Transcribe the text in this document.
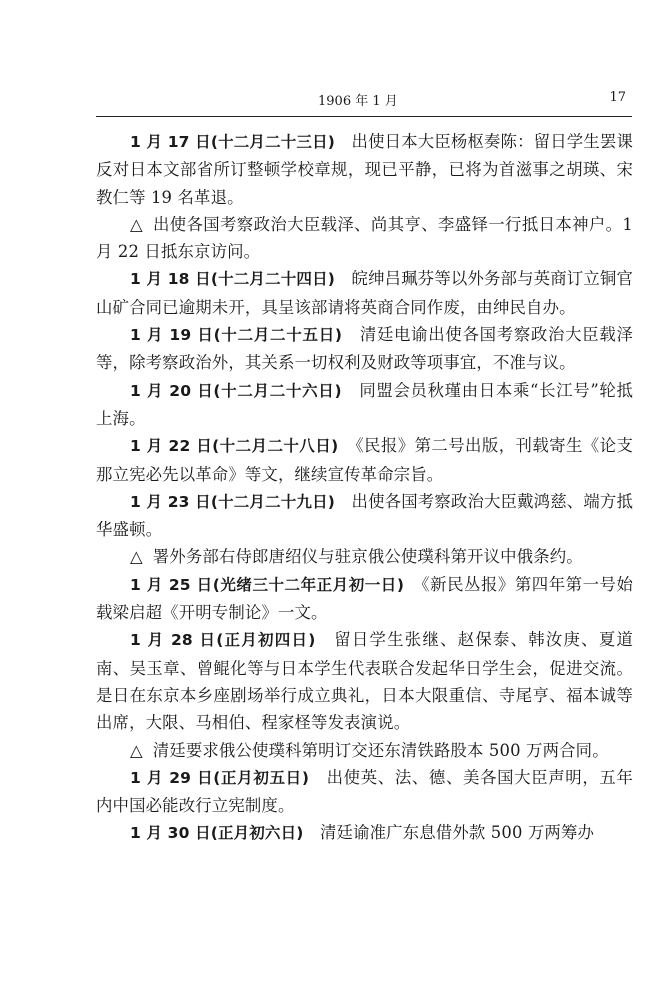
1906 年 1 月	17

1 月 17 日(十二月二十三日)　 出使日本大臣杨枢奏陈：留日学生罢课反对日本文部省所订整顿学校章规，现已平静，已将为首滋事之胡瑛、宋教仁等 19 名革退。

△ 出使各国考察政治大臣载泽、尚其亨、李盛铎一行抵日本神户。1 月 22 日抵东京访问。

1 月 18 日(十二月二十四日)　 皖绅吕珮芬等以外务部与英商订立铜官山矿合同已逾期未开，具呈该部请将英商合同作废，由绅民自办。

1 月 19 日(十二月二十五日)　 清廷电谕出使各国考察政治大臣载泽等，除考察政治外，其关系一切权利及财政等项事宜，不准与议。

1 月 20 日(十二月二十六日)　 同盟会员秋瑾由日本乘“长江号”轮抵上海。

1 月 22 日(十二月二十八日)　 《民报》第二号出版，刊载寄生《论支那立宪必先以革命》等文，继续宣传革命宗旨。

1 月 23 日(十二月二十九日)　 出使各国考察政治大臣戴鸿慈、端方抵华盛顿。

△ 署外务部右侍郎唐绍仪与驻京俄公使璞科第开议中俄条约。

1 月 25 日(光绪三十二年正月初一日)　 《新民丛报》第四年第一号始载梁启超《开明专制论》一文。

1 月 28 日(正月初四日)　 留日学生张继、赵保泰、韩汝庚、夏道南、吴玉章、曾鲲化等与日本学生代表联合发起华日学生会，促进交流。是日在东京本乡座剧场举行成立典礼，日本大限重信、寺尾亨、福本诚等出席，大限、马相伯、程家柽等发表演说。

△ 清廷要求俄公使璞科第明订交还东清铁路股本 500 万两合同。

1 月 29 日(正月初五日)　 出使英、法、德、美各国大臣声明，五年内中国必能改行立宪制度。

1 月 30 日(正月初六日)　 清廷谕准广东息借外款 500 万两筹办
